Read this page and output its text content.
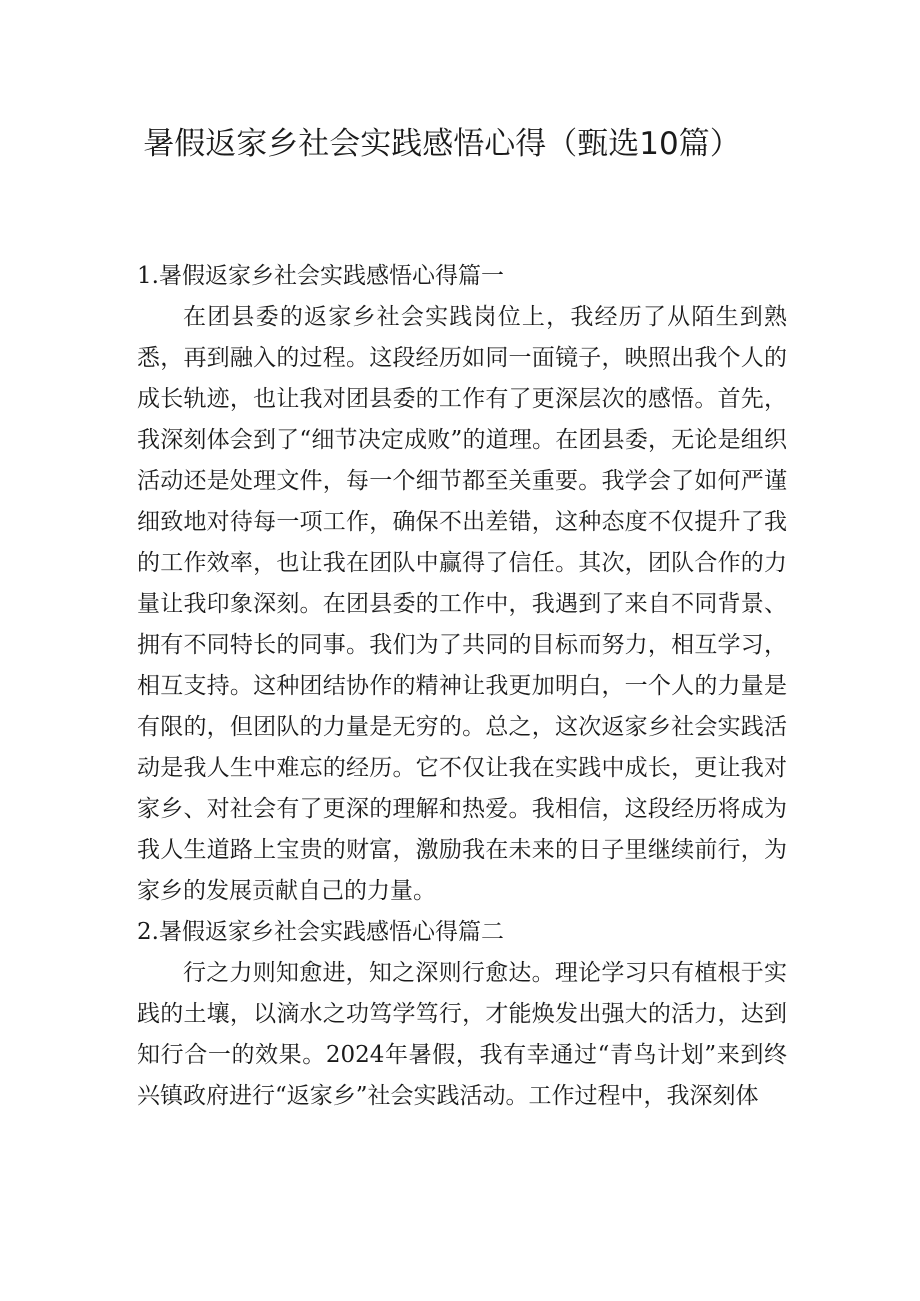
暑假返家乡社会实践感悟心得（甄选10篇）

1.暑假返家乡社会实践感悟心得篇一

在团县委的返家乡社会实践岗位上，我经历了从陌生到熟悉，再到融入的过程。这段经历如同一面镜子，映照出我个人的成长轨迹，也让我对团县委的工作有了更深层次的感悟。首先，我深刻体会到了“细节决定成败”的道理。在团县委，无论是组织活动还是处理文件，每一个细节都至关重要。我学会了如何严谨细致地对待每一项工作，确保不出差错，这种态度不仅提升了我的工作效率，也让我在团队中赢得了信任。其次，团队合作的力量让我印象深刻。在团县委的工作中，我遇到了来自不同背景、拥有不同特长的同事。我们为了共同的目标而努力，相互学习，相互支持。这种团结协作的精神让我更加明白，一个人的力量是有限的，但团队的力量是无穷的。总之，这次返家乡社会实践活动是我人生中难忘的经历。它不仅让我在实践中成长，更让我对家乡、对社会有了更深的理解和热爱。我相信，这段经历将成为我人生道路上宝贵的财富，激励我在未来的日子里继续前行，为家乡的发展贡献自己的力量。

2.暑假返家乡社会实践感悟心得篇二

行之力则知愈进，知之深则行愈达。理论学习只有植根于实践的土壤，以滴水之功笃学笃行，才能焕发出强大的活力，达到知行合一的效果。2024年暑假，我有幸通过“青鸟计划”来到终兴镇政府进行“返家乡”社会实践活动。工作过程中，我深刻体
